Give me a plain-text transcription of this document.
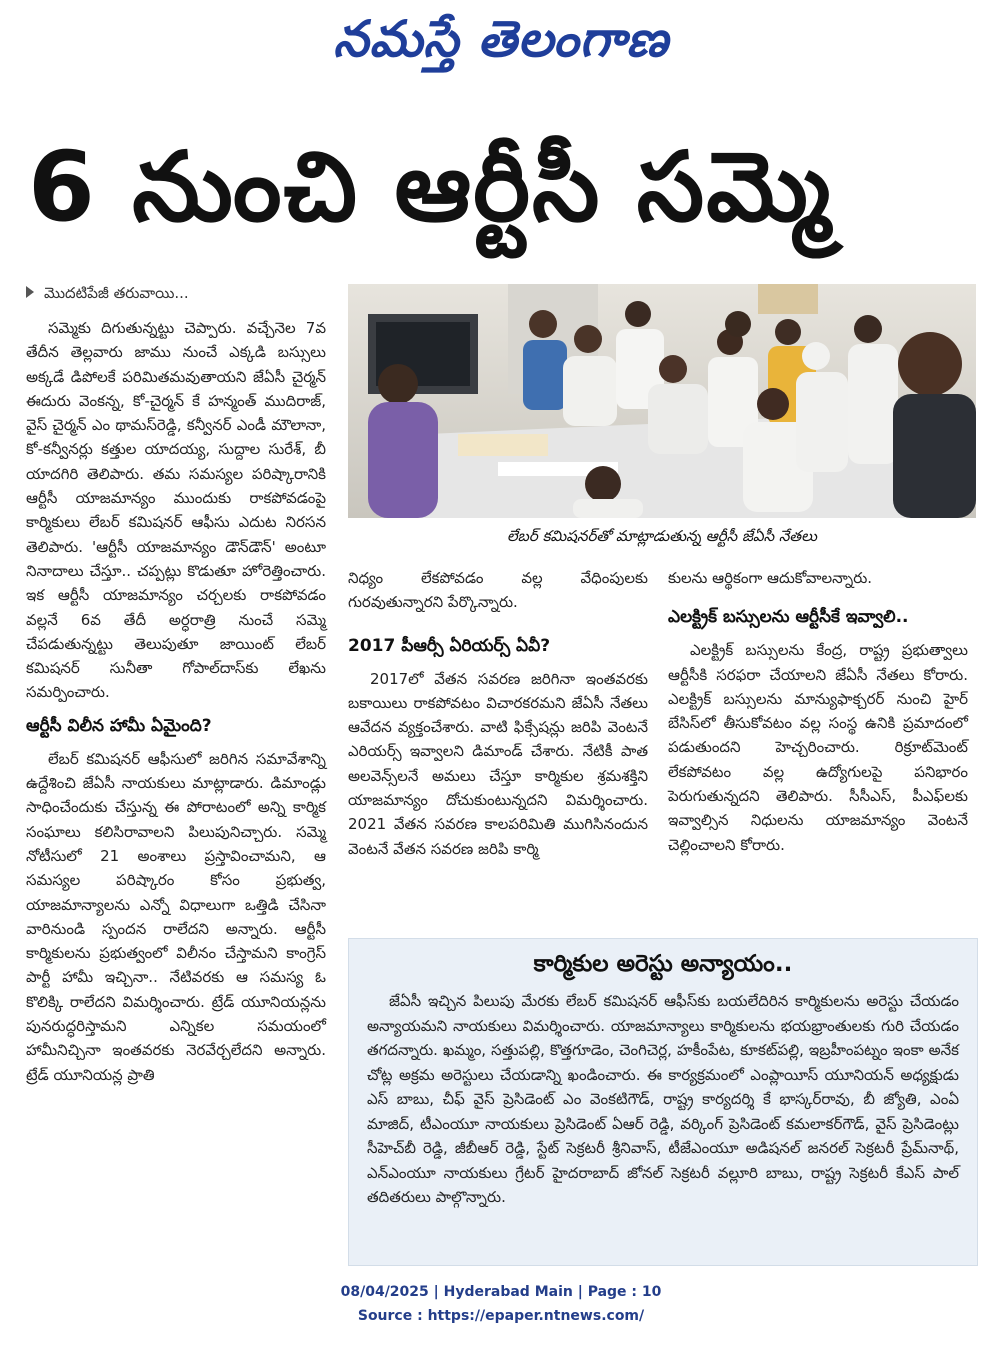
నమస్తే తెలంగాణ
6 నుంచి ఆర్టీసీ సమ్మె
మొదటిపేజీ తరువాయి...

సమ్మెకు దిగుతున్నట్టు చెప్పారు. వచ్చేనెల 7వ తేదీన తెల్లవారు జాము నుంచే ఎక్కడి బస్సులు అక్కడే డిపోలకే పరిమితమవుతాయని జేఏసీ చైర్మన్ ఈదురు వెంకన్న, కో-చైర్మన్ కే హన్మంత్ ముదిరాజ్, వైస్ చైర్మన్ ఎం థామస్‌రెడ్డి, కన్వీనర్ ఎండీ మౌలానా, కో-కన్వీనర్లు కత్తుల యాదయ్య, సుద్దాల సురేశ్, బీ యాదగిరి తెలిపారు. తమ సమస్యల పరిష్కారానికి ఆర్టీసీ యాజమాన్యం ముందుకు రాకపోవడంపై కార్మికులు లేబర్ కమిషనర్ ఆఫీసు ఎదుట నిరసన తెలిపారు. 'ఆర్టీసీ యాజమాన్యం డౌన్‌డౌన్' అంటూ నినాదాలు చేస్తూ.. చప్పట్లు కొడుతూ హోరెత్తించారు. ఇక ఆర్టీసీ యాజమాన్యం చర్చలకు రాకపోవడం వల్లనే 6వ తేదీ అర్ధరాత్రి నుంచే సమ్మె చేపడుతున్నట్టు తెలుపుతూ జాయింట్ లేబర్ కమిషనర్ సునీతా గోపాల్‌దాస్‌కు లేఖను సమర్పించారు.

ఆర్టీసీ విలీన హామీ ఏమైంది?

లేబర్ కమిషనర్ ఆఫీసులో జరిగిన సమావేశాన్ని ఉద్దేశించి జేఏసీ నాయకులు మాట్లాడారు. డిమాండ్లు సాధించేందుకు చేస్తున్న ఈ పోరాటంలో అన్ని కార్మిక సంఘాలు కలిసిరావాలని పిలుపునిచ్చారు. సమ్మె నోటీసులో 21 అంశాలు ప్రస్తావించామని, ఆ సమస్యల పరిష్కారం కోసం ప్రభుత్వ, యాజమాన్యాలను ఎన్నో విధాలుగా ఒత్తిడి చేసినా వారినుండి స్పందన రాలేదని అన్నారు. ఆర్టీసీ కార్మికులను ప్రభుత్వంలో విలీనం చేస్తామని కాంగ్రెస్ పార్టీ హామీ ఇచ్చినా.. నేటివరకు ఆ సమస్య ఓ కొలిక్కి రాలేదని విమర్శించారు. ట్రేడ్ యూనియన్లను పునరుద్ధరిస్తామని ఎన్నికల సమయంలో హామీనిచ్చినా ఇంతవరకు నెరవేర్చలేదని అన్నారు. ట్రేడ్ యూనియన్ల ప్రాతి

లేబర్ కమిషనర్‌తో మాట్లాడుతున్న ఆర్టీసీ జేఏసీ నేతలు

నిధ్యం లేకపోవడం వల్ల వేధింపులకు గురవుతున్నారని పేర్కొన్నారు.

2017 పీఆర్సీ ఏరియర్స్ ఏవీ?

2017లో వేతన సవరణ జరిగినా ఇంతవరకు బకాయిలు రాకపోవటం విచారకరమని జేఏసీ నేతలు ఆవేదన వ్యక్తంచేశారు. వాటి ఫిక్సేషన్లు జరిపి వెంటనే ఎరియర్స్ ఇవ్వాలని డిమాండ్ చేశారు. నేటికీ పాత అలవెన్స్‌లనే అమలు చేస్తూ కార్మికుల శ్రమశక్తిని యాజమాన్యం దోచుకుంటున్నదని విమర్శించారు. 2021 వేతన సవరణ కాలపరిమితి ముగిసినందున వెంటనే వేతన సవరణ జరిపి కార్మి

కులను ఆర్థికంగా ఆదుకోవాలన్నారు.

ఎలక్ట్రిక్ బస్సులను ఆర్టీసీకే ఇవ్వాలి..

ఎలక్ట్రిక్ బస్సులను కేంద్ర, రాష్ట్ర ప్రభుత్వాలు ఆర్టీసీకి సరఫరా చేయాలని జేఏసీ నేతలు కోరారు. ఎలక్ట్రిక్ బస్సులను మాన్యుఫాక్చరర్ నుంచి హైర్ బేసిస్‌లో తీసుకోవటం వల్ల సంస్థ ఉనికి ప్రమాదంలో పడుతుందని హెచ్చరించారు. రిక్రూట్‌మెంట్ లేకపోవటం వల్ల ఉద్యోగులపై పనిభారం పెరుగుతున్నదని తెలిపారు. సీసీఎస్, పీఎఫ్‌లకు ఇవ్వాల్సిన నిధులను యాజమాన్యం వెంటనే చెల్లించాలని కోరారు.

కార్మికుల అరెస్టు అన్యాయం..

జేఏసీ ఇచ్చిన పిలుపు మేరకు లేబర్ కమిషనర్ ఆఫీస్‌కు బయలేదిరిన కార్మికులను అరెస్టు చేయడం అన్యాయమని నాయకులు విమర్శించారు. యాజమాన్యాలు కార్మికులను భయభ్రాంతులకు గురి చేయడం తగదన్నారు. ఖమ్మం, సత్తుపల్లి, కొత్తగూడెం, చెంగిచెర్ల, హకీంపేట, కూకట్‌పల్లి, ఇబ్రహీంపట్నం ఇంకా అనేక చోట్ల అక్రమ అరెస్టులు చేయడాన్ని ఖండించారు. ఈ కార్యక్రమంలో ఎంప్లాయీస్ యూనియన్ అధ్యక్షుడు ఎస్ బాబు, చీఫ్ వైస్ ప్రెసిడెంట్ ఎం వెంకటిగౌడ్, రాష్ట్ర కార్యదర్శి కే భాస్కర్‌రావు, బీ జ్యోతి, ఎంఏ మాజిద్, టీఎంయూ నాయకులు ప్రెసిడెంట్ ఏఆర్ రెడ్డి, వర్కింగ్ ప్రెసిడెంట్ కమలాకర్‌గౌడ్, వైస్ ప్రెసిడెంట్లు సీహెచ్‌బీ రెడ్డి, జీబీఆర్ రెడ్డి, స్టేట్ సెక్రటరీ శ్రీనివాస్, టీజేఎంయూ అడిషనల్ జనరల్ సెక్రటరీ ప్రేమ్‌నాథ్, ఎన్ఎంయూ నాయకులు గ్రేటర్ హైదరాబాద్ జోనల్ సెక్రటరీ వల్లూరి బాబు, రాష్ట్ర సెక్రటరీ కేఎస్ పాల్ తదితరులు పాల్గొన్నారు.

08/04/2025 | Hyderabad Main | Page : 10
Source : https://epaper.ntnews.com/
